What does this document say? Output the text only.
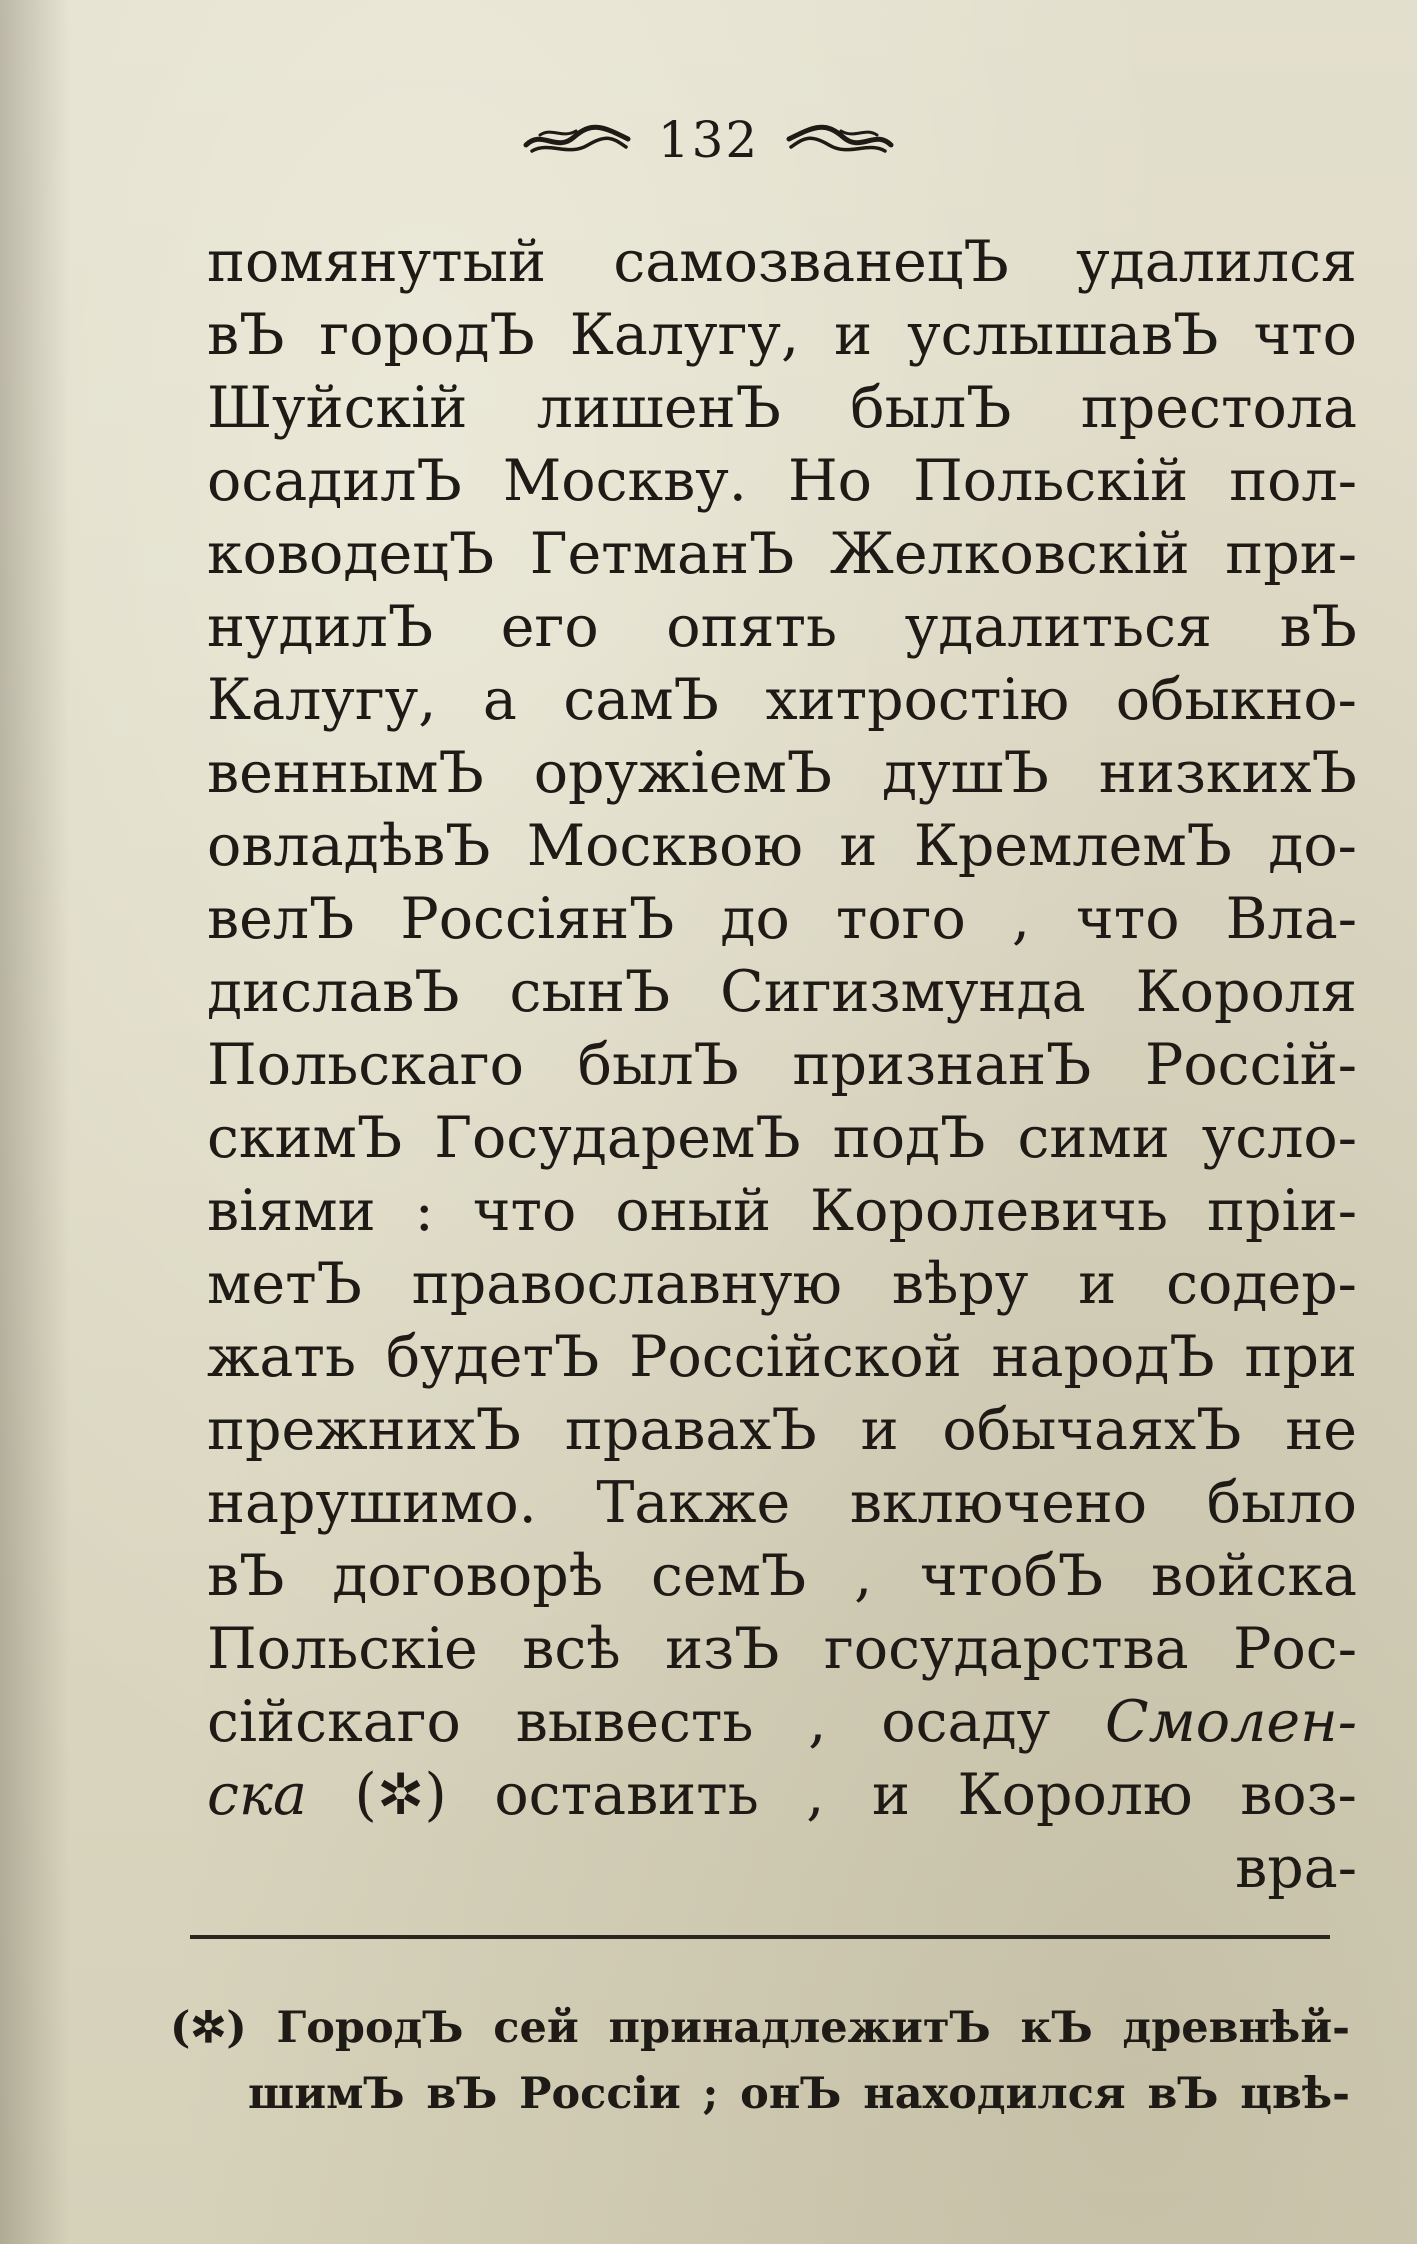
132
помянутый самозванецЪ удалился
вЪ городЪ Калугу, и услышавЪ что
Шуйскій лишенЪ былЪ престола
осадилЪ Москву. Но Польскій пол-
ководецЪ ГетманЪ Желковскій при-
нудилЪ его опять удалиться вЪ
Калугу, а самЪ хитростію обыкно-
веннымЪ оружіемЪ душЪ низкихЪ
овладѣвЪ Москвою и КремлемЪ до-
велЪ РоссіянЪ до того , что Вла-
диславЪ сынЪ Сигизмунда Короля
Польскаго былЪ признанЪ Россій-
скимЪ ГосударемЪ подЪ сими усло-
віями : что оный Королевичь пріи-
метЪ православную вѣру и содер-
жать будетЪ Россійской народЪ при
прежнихЪ правахЪ и обычаяхЪ не
нарушимо. Также включено было
вЪ договорѣ семЪ , чтобЪ войска
Польскіе всѣ изЪ государства Рос-
сійскаго вывесть , осаду Смолен-
ска (✲) оставить , и Королю воз-
вра-
(✲) ГородЪ сей принадлежитЪ кЪ древнѣй-
шимЪ вЪ Россіи ; онЪ находился вЪ цвѣ-
